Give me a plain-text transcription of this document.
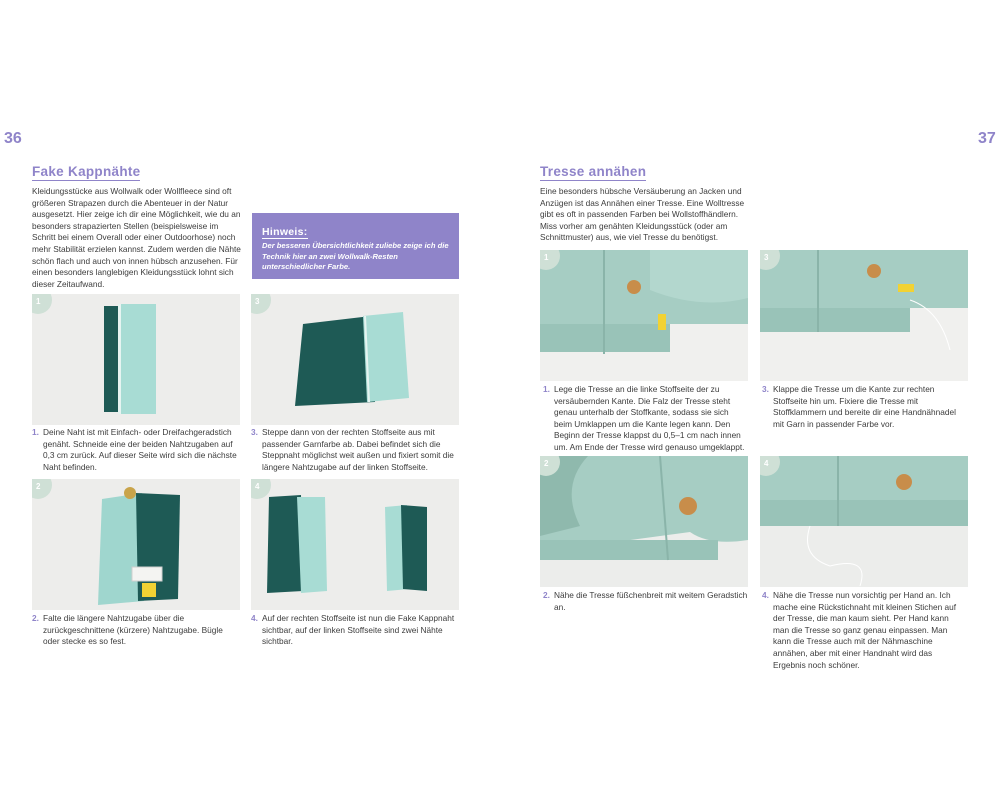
36	37
Fake Kappnähte
Kleidungsstücke aus Wollwalk oder Wollfleece sind oft größeren Strapazen durch die Abenteuer in der Natur ausgesetzt. Hier zeige ich dir eine Möglichkeit, wie du an besonders strapazierten Stellen (beispielsweise im Schritt bei einem Overall oder einer Outdoorhose) noch mehr Stabilität erzielen kannst. Zudem werden die Nähte schön flach und auch von innen hübsch anzusehen. Für einen besonders langlebigen Kleidungsstück lohnt sich dieser Zeitaufwand.
Hinweis:
Der besseren Übersichtlichkeit zuliebe zeige ich die Technik hier an zwei Wollwalk-Resten unterschiedlicher Farbe.
1
1. Deine Naht ist mit Einfach- oder Dreifachgeradstich genäht. Schneide eine der beiden Nahtzugaben auf 0,3 cm zurück. Auf dieser Seite wird sich die nächste Naht befinden.
3
3. Steppe dann von der rechten Stoffseite aus mit passender Garnfarbe ab. Dabei befindet sich die Steppnaht möglichst weit außen und fixiert somit die längere Nahtzugabe auf der linken Stoffseite.
2
2. Falte die längere Nahtzugabe über die zurückgeschnittene (kürzere) Nahtzugabe. Bügle oder stecke es so fest.
4
4. Auf der rechten Stoffseite ist nun die Fake Kappnaht sichtbar, auf der linken Stoffseite sind zwei Nähte sichtbar.
Tresse annähen
Eine besonders hübsche Versäuberung an Jacken und Anzügen ist das Annähen einer Tresse. Eine Wolltresse gibt es oft in passenden Farben bei Wollstoffhändlern. Miss vorher am genähten Kleidungsstück (oder am Schnittmuster) aus, wie viel Tresse du benötigst.
1
1. Lege die Tresse an die linke Stoffseite der zu versäubernden Kante. Die Falz der Tresse steht genau unterhalb der Stoffkante, sodass sie sich beim Umklappen um die Kante legen kann. Den Beginn der Tresse klappst du 0,5–1 cm nach innen um. Am Ende der Tresse wird genauso umgeklappt.
3
3. Klappe die Tresse um die Kante zur rechten Stoffseite hin um. Fixiere die Tresse mit Stoffklammern und bereite dir eine Handnähnadel mit Garn in passender Farbe vor.
2
2. Nähe die Tresse füßchenbreit mit weitem Geradstich an.
4
4. Nähe die Tresse nun vorsichtig per Hand an. Ich mache eine Rückstichnaht mit kleinen Stichen auf der Tresse, die man kaum sieht. Per Hand kann man die Tresse so ganz genau einpassen. Man kann die Tresse auch mit der Nähmaschine annähen, aber mit einer Handnaht wird das Ergebnis noch schöner.
